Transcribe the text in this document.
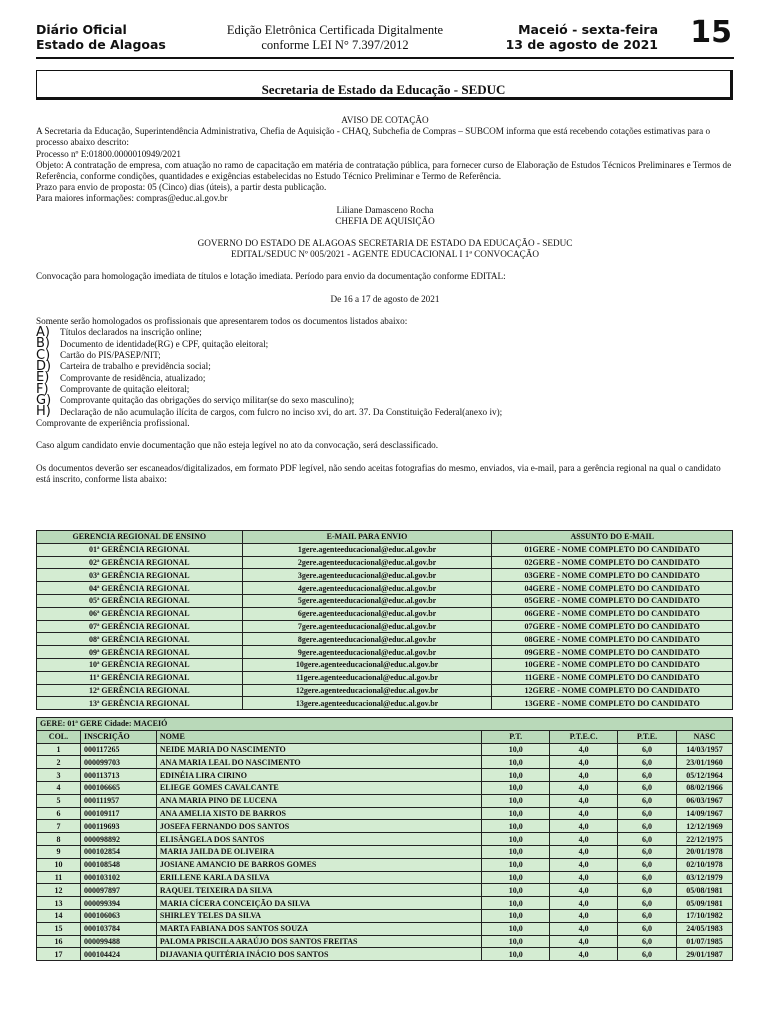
Diário Oficial
Estado de Alagoas
Edição Eletrônica Certificada Digitalmente
conforme LEI N° 7.397/2012
Maceió - sexta-feira
13 de agosto de 2021 15
Secretaria de Estado da Educação - SEDUC

AVISO DE COTAÇÃO

A Secretaria da Educação, Superintendência Administrativa, Chefia de Aquisição - CHAQ, Subchefia de Compras – SUBCOM informa que está recebendo cotações estimativas para o processo abaixo descrito:

Processo nº E:01800.0000010949/2021

Objeto: A contratação de empresa, com atuação no ramo de capacitação em matéria de contratação pública, para fornecer curso de Elaboração de Estudos Técnicos Preliminares e Termos de Referência, conforme condições, quantidades e exigências estabelecidas no Estudo Técnico Preliminar e Termo de Referência.

Prazo para envio de proposta: 05 (Cinco) dias (úteis), a partir desta publicação.

Para maiores informações: compras@educ.al.gov.br

Liliane Damasceno Rocha

CHEFIA DE AQUISIÇÃO

GOVERNO DO ESTADO DE ALAGOAS SECRETARIA DE ESTADO DA EDUCAÇÃO - SEDUC

EDITAL/SEDUC Nº 005/2021 - AGENTE EDUCACIONAL I 1ª CONVOCAÇÃO

Convocação para homologação imediata de títulos e lotação imediata. Período para envio da documentação conforme EDITAL:

De 16 a 17 de agosto de 2021

Somente serão homologados os profissionais que apresentarem todos os documentos listados abaixo:

A)	Títulos declarados na inscrição online;
B)	Documento de identidade(RG) e CPF, quitação eleitoral;
C)	Cartão do PIS/PASEP/NIT;
D) Carteira de trabalho e previdência social;
E)	Comprovante de residência, atualizado;
F)	Comprovante de quitação eleitoral;
G) Comprovante quitação das obrigações do serviço militar(se do sexo masculino);
H) Declaração de não acumulação ilícita de cargos, com fulcro no inciso xvi, do art. 37. Da Constituição Federal(anexo iv);

Comprovante de experiência profissional.

Caso algum candidato envie documentação que não esteja legível no ato da convocação, será desclassificado.

Os documentos deverão ser escaneados/digitalizados, em formato PDF legível, não sendo aceitas fotografias do mesmo, enviados, via e-mail, para a gerência regional na qual o candidato está inscrito, conforme lista abaixo:

GERENCIA REGIONAL DE ENSINO	E-MAIL PARA ENVIO	ASSUNTO DO E-MAIL
01ª GERÊNCIA REGIONAL	1gere.agenteeducacional@educ.al.gov.br	01GERE - NOME COMPLETO DO CANDIDATO
02ª GERÊNCIA REGIONAL	2gere.agenteeducacional@educ.al.gov.br	02GERE - NOME COMPLETO DO CANDIDATO
03ª GERÊNCIA REGIONAL	3gere.agenteeducacional@educ.al.gov.br	03GERE - NOME COMPLETO DO CANDIDATO
04ª GERÊNCIA REGIONAL	4gere.agenteeducacional@educ.al.gov.br	04GERE - NOME COMPLETO DO CANDIDATO
05ª GERÊNCIA REGIONAL	5gere.agenteeducacional@educ.al.gov.br	05GERE - NOME COMPLETO DO CANDIDATO
06ª GERÊNCIA REGIONAL	6gere.agenteeducacional@educ.al.gov.br	06GERE - NOME COMPLETO DO CANDIDATO
07ª GERÊNCIA REGIONAL	7gere.agenteeducacional@educ.al.gov.br	07GERE - NOME COMPLETO DO CANDIDATO
08ª GERÊNCIA REGIONAL	8gere.agenteeducacional@educ.al.gov.br	08GERE - NOME COMPLETO DO CANDIDATO
09ª GERÊNCIA REGIONAL	9gere.agenteeducacional@educ.al.gov.br	09GERE - NOME COMPLETO DO CANDIDATO
10ª GERÊNCIA REGIONAL	10gere.agenteeducacional@educ.al.gov.br	10GERE - NOME COMPLETO DO CANDIDATO
11ª GERÊNCIA REGIONAL	11gere.agenteeducacional@educ.al.gov.br	11GERE - NOME COMPLETO DO CANDIDATO
12ª GERÊNCIA REGIONAL	12gere.agenteeducacional@educ.al.gov.br	12GERE - NOME COMPLETO DO CANDIDATO
13ª GERÊNCIA REGIONAL	13gere.agenteeducacional@educ.al.gov.br	13GERE - NOME COMPLETO DO CANDIDATO
GERE: 01ª GERE Cidade: MACEIÓ						
COL.	INSCRIÇÃO	NOME	P.T.	P.T.E.C.	P.T.E.	NASC
1	000117265	NEIDE MARIA DO NASCIMENTO	10,0	4,0	6,0	14/03/1957
2	000099703	ANA MARIA LEAL DO NASCIMENTO	10,0	4,0	6,0	23/01/1960
3	000113713	EDINÉIA LIRA CIRINO	10,0	4,0	6,0	05/12/1964
4	000106665	ELIEGE GOMES CAVALCANTE	10,0	4,0	6,0	08/02/1966
5	000111957	ANA MARIA PINO DE LUCENA	10,0	4,0	6,0	06/03/1967
6	000109117	ANA AMELIA XISTO DE BARROS	10,0	4,0	6,0	14/09/1967
7	000119693	JOSEFA FERNANDO DOS SANTOS	10,0	4,0	6,0	12/12/1969
8	000098892	ELISÂNGELA DOS SANTOS	10,0	4,0	6,0	22/12/1975
9	000102854	MARIA JAILDA DE OLIVEIRA	10,0	4,0	6,0	20/01/1978
10	000108548	JOSIANE AMANCIO DE BARROS GOMES	10,0	4,0	6,0	02/10/1978
11	000103102	ERILLENE KARLA DA SILVA	10,0	4,0	6,0	03/12/1979
12	000097897	RAQUEL TEIXEIRA DA SILVA	10,0	4,0	6,0	05/08/1981
13	000099394	MARIA CÍCERA CONCEIÇÃO DA SILVA	10,0	4,0	6,0	05/09/1981
14	000106063	SHIRLEY TELES DA SILVA	10,0	4,0	6,0	17/10/1982
15	000103784	MARTA FABIANA DOS SANTOS SOUZA	10,0	4,0	6,0	24/05/1983
16	000099488	PALOMA PRISCILA ARAÚJO DOS SANTOS FREITAS	10,0	4,0	6,0	01/07/1985
17	000104424	DIJAVANIA QUITÉRIA INÁCIO DOS SANTOS	10,0	4,0	6,0	29/01/1987
